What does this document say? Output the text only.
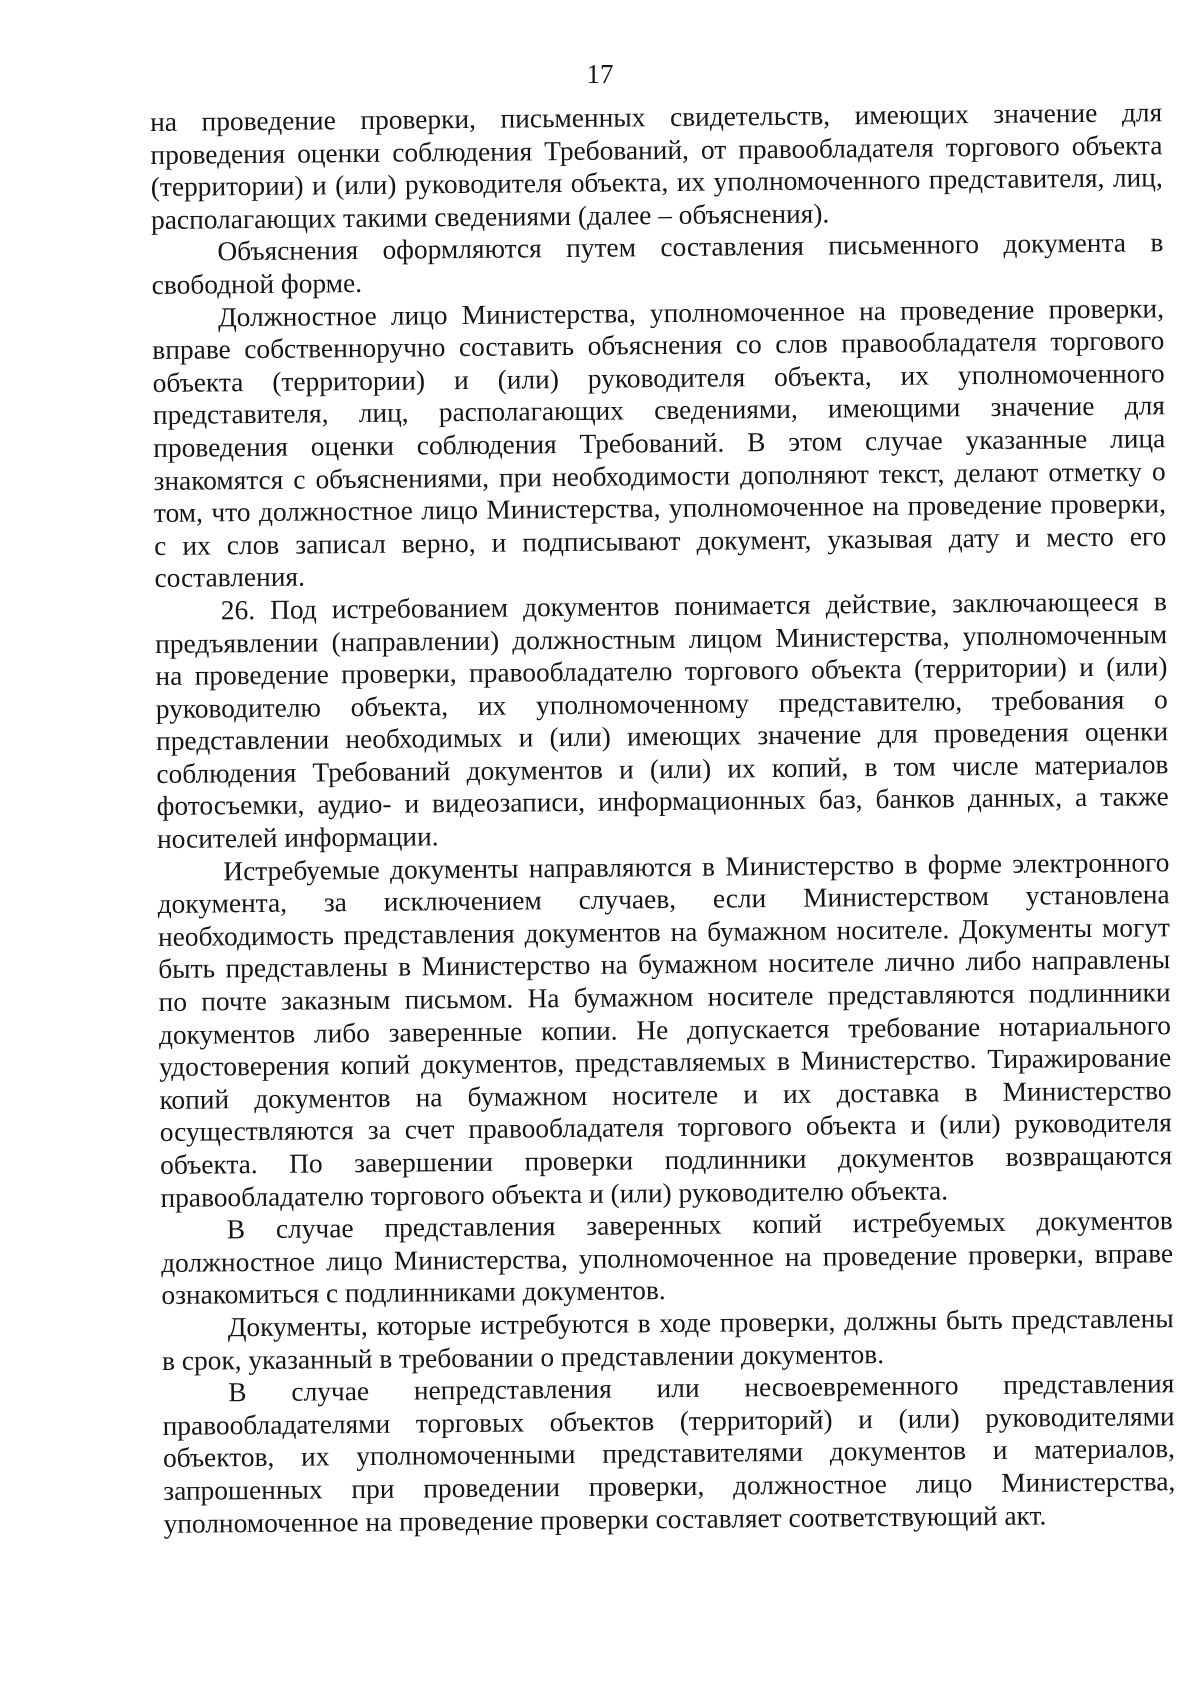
17

на проведение проверки, письменных свидетельств, имеющих значение для проведения оценки соблюдения Требований, от правообладателя торгового объекта (территории) и (или) руководителя объекта, их уполномоченного представителя, лиц, располагающих такими сведениями (далее – объяснения).

Объяснения оформляются путем составления письменного документа в свободной форме.

Должностное лицо Министерства, уполномоченное на проведение проверки, вправе собственноручно составить объяснения со слов правообладателя торгового объекта (территории) и (или) руководителя объекта, их уполномоченного представителя, лиц, располагающих сведениями, имеющими значение для проведения оценки соблюдения Требований. В этом случае указанные лица знакомятся с объяснениями, при необходимости дополняют текст, делают отметку о том, что должностное лицо Министерства, уполномоченное на проведение проверки, с их слов записал верно, и подписывают документ, указывая дату и место его составления.

26. Под истребованием документов понимается действие, заключающееся в предъявлении (направлении) должностным лицом Министерства, уполномоченным на проведение проверки, правообладателю торгового объекта (территории) и (или) руководителю объекта, их уполномоченному представителю, требования о представлении необходимых и (или) имеющих значение для проведения оценки соблюдения Требований документов и (или) их копий, в том числе материалов фотосъемки, аудио- и видеозаписи, информационных баз, банков данных, а также носителей информации.

Истребуемые документы направляются в Министерство в форме электронного документа, за исключением случаев, если Министерством установлена необходимость представления документов на бумажном носителе. Документы могут быть представлены в Министерство на бумажном носителе лично либо направлены по почте заказным письмом. На бумажном носителе представляются подлинники документов либо заверенные копии. Не допускается требование нотариального удостоверения копий документов, представляемых в Министерство. Тиражирование копий документов на бумажном носителе и их доставка в Министерство осуществляются за счет правообладателя торгового объекта и (или) руководителя объекта. По завершении проверки подлинники документов возвращаются правообладателю торгового объекта и (или) руководителю объекта.

В случае представления заверенных копий истребуемых документов должностное лицо Министерства, уполномоченное на проведение проверки, вправе ознакомиться с подлинниками документов.

Документы, которые истребуются в ходе проверки, должны быть представлены в срок, указанный в требовании о представлении документов.

В случае непредставления или несвоевременного представления правообладателями торговых объектов (территорий) и (или) руководителями объектов, их уполномоченными представителями документов и материалов, запрошенных при проведении проверки, должностное лицо Министерства, уполномоченное на проведение проверки составляет соответствующий акт.
